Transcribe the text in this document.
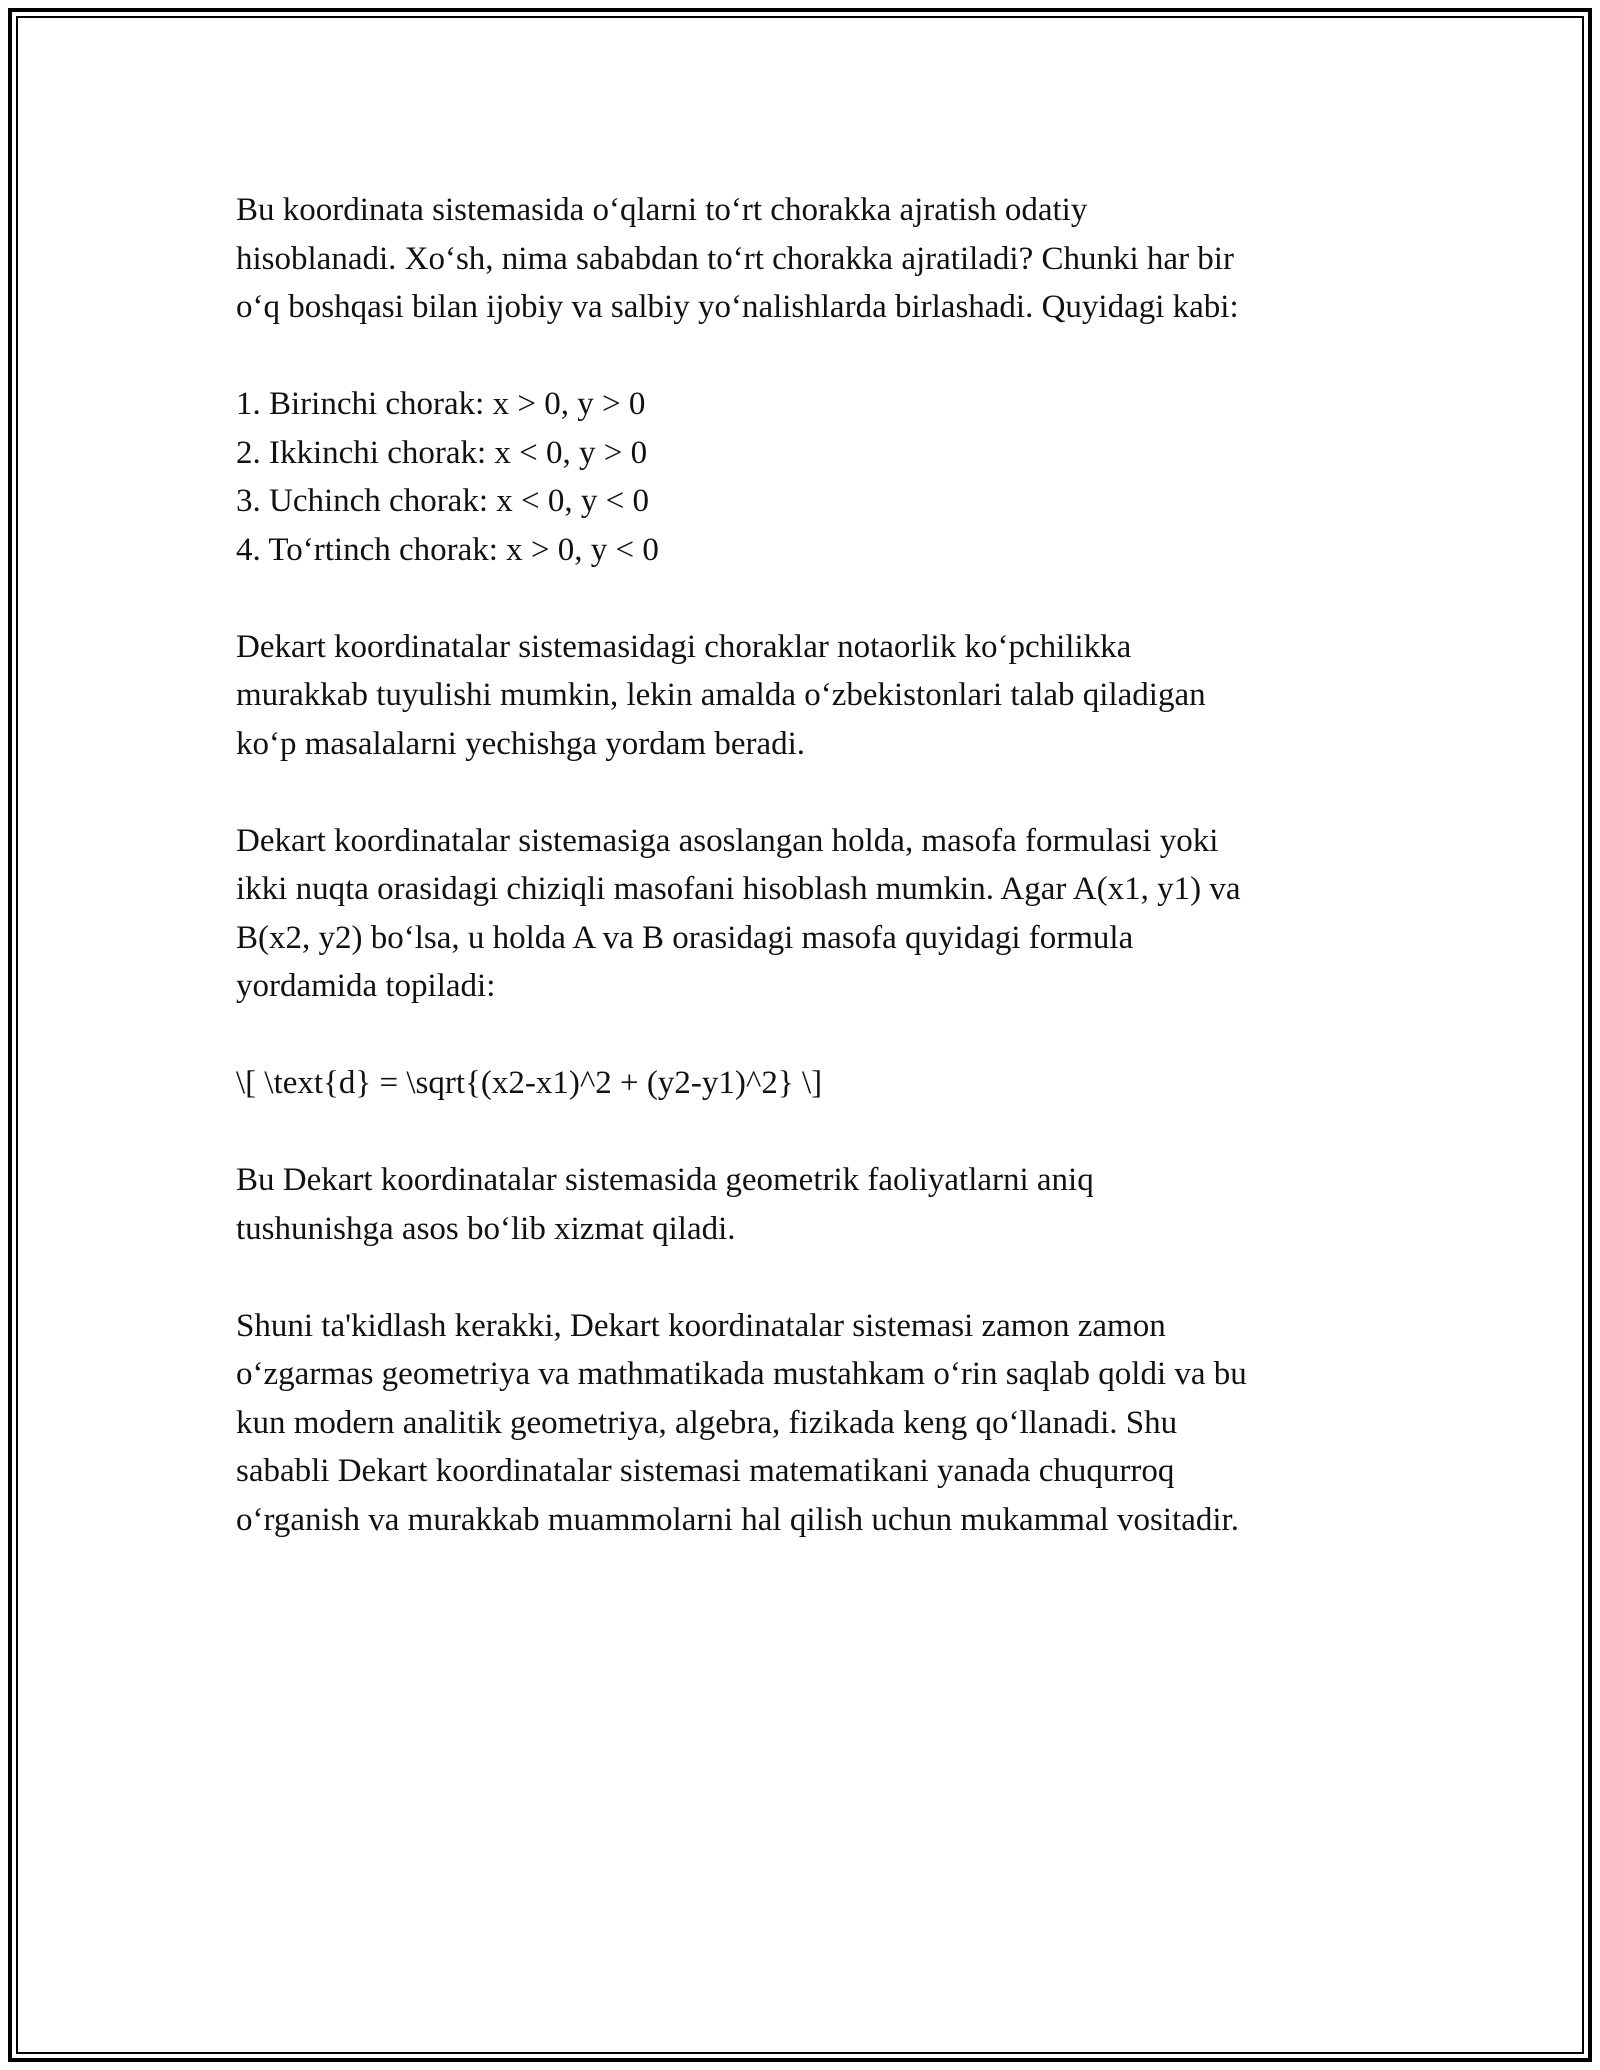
Bu koordinata sistemasida o‘qlarni to‘rt chorakka ajratish odatiy
hisoblanadi. Xo‘sh, nima sababdan to‘rt chorakka ajratiladi? Chunki har bir
o‘q boshqasi bilan ijobiy va salbiy yo‘nalishlarda birlashadi. Quyidagi kabi:

1. Birinchi chorak: x > 0, y > 0
2. Ikkinchi chorak: x < 0, y > 0
3. Uchinch chorak: x < 0, y < 0
4. To‘rtinch chorak: x > 0, y < 0

Dekart koordinatalar sistemasidagi choraklar notaorlik ko‘pchilikka
murakkab tuyulishi mumkin, lekin amalda o‘zbekistonlari talab qiladigan
ko‘p masalalarni yechishga yordam beradi.

Dekart koordinatalar sistemasiga asoslangan holda, masofa formulasi yoki
ikki nuqta orasidagi chiziqli masofani hisoblash mumkin. Agar A(x1, y1) va
B(x2, y2) bo‘lsa, u holda A va B orasidagi masofa quyidagi formula
yordamida topiladi:

\[ \text{d} = \sqrt{(x2-x1)^2 + (y2-y1)^2} \]

Bu Dekart koordinatalar sistemasida geometrik faoliyatlarni aniq
tushunishga asos bo‘lib xizmat qiladi.

Shuni ta'kidlash kerakki, Dekart koordinatalar sistemasi zamon zamon
o‘zgarmas geometriya va mathmatikada mustahkam o‘rin saqlab qoldi va bu
kun modern analitik geometriya, algebra, fizikada keng qo‘llanadi. Shu
sababli Dekart koordinatalar sistemasi matematikani yanada chuqurroq
o‘rganish va murakkab muammolarni hal qilish uchun mukammal vositadir.
